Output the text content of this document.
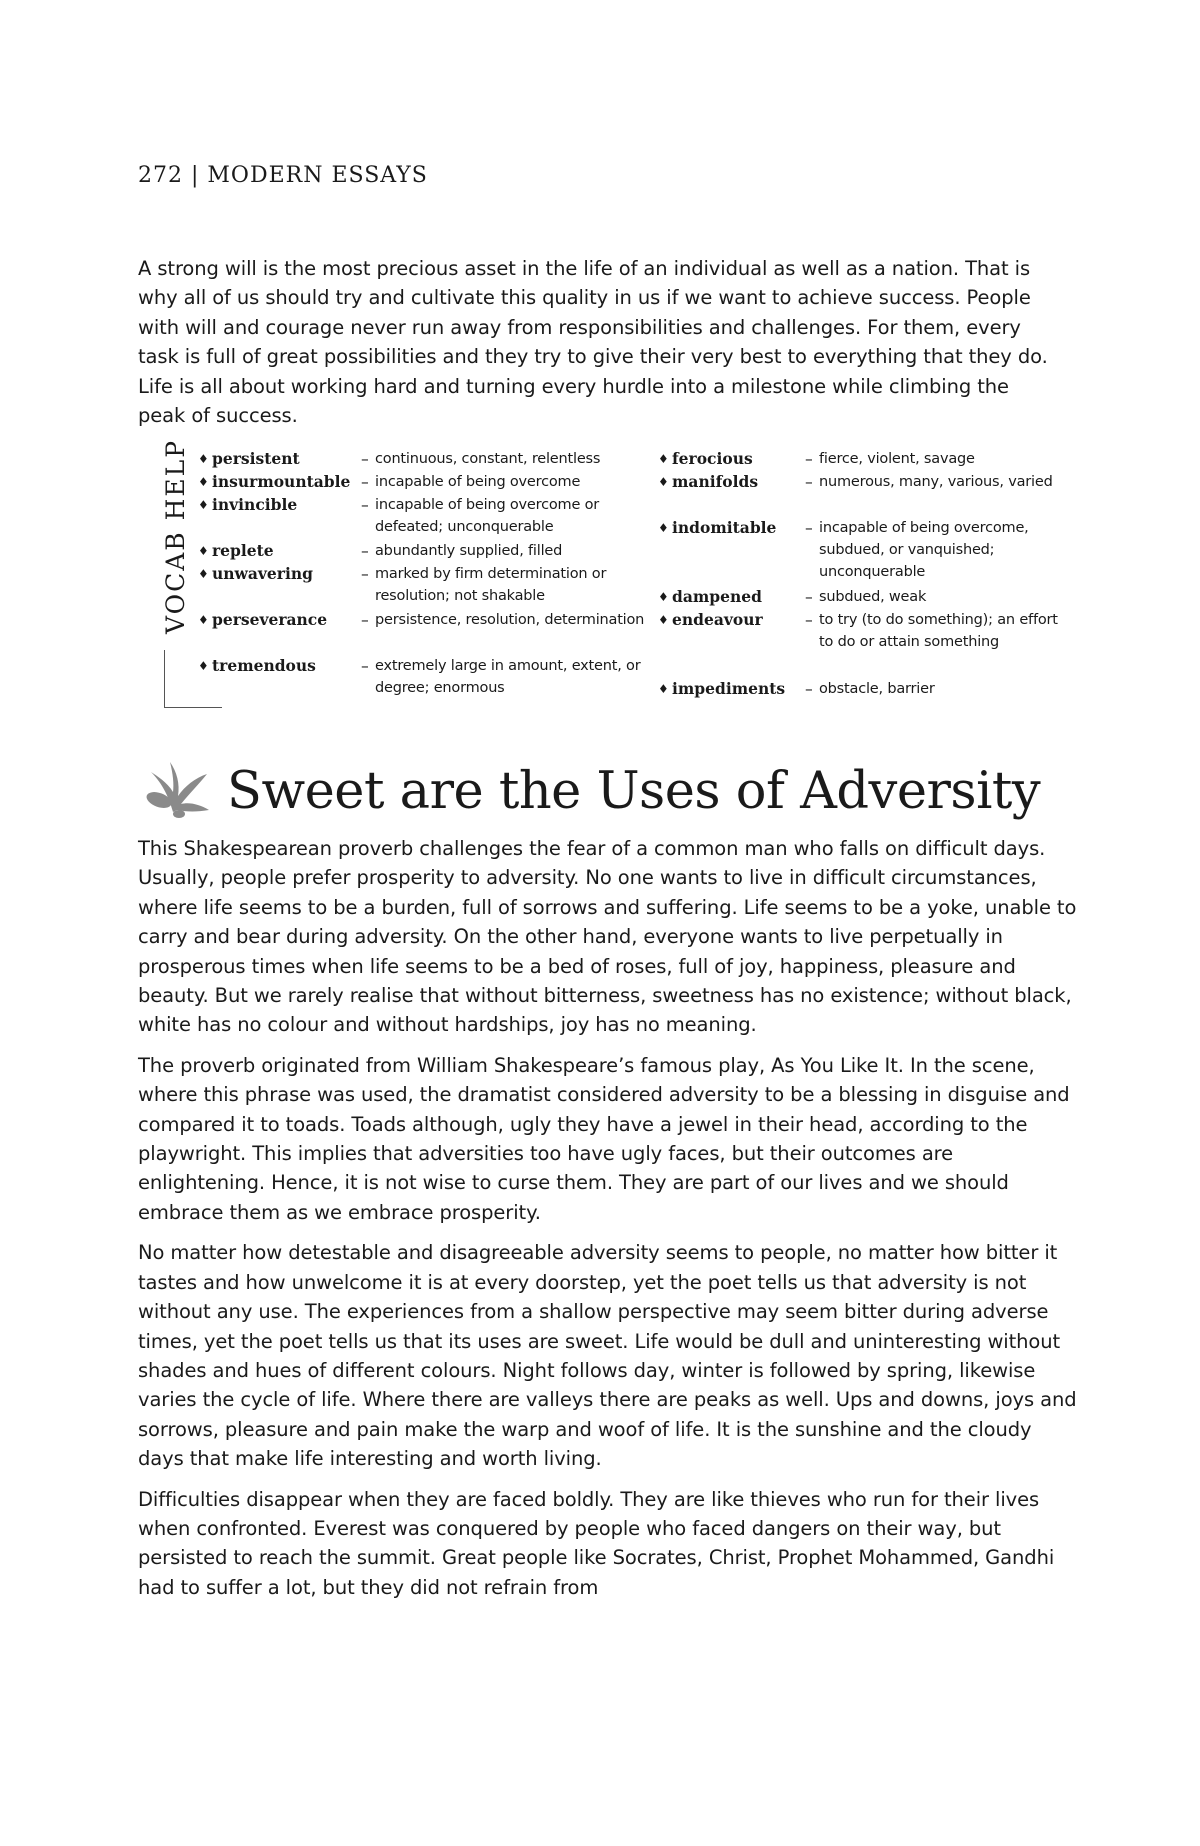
272 | MODERN ESSAYS

A strong will is the most precious asset in the life of an individual as well as a nation. That is why all of us should try and cultivate this quality in us if we want to achieve success. People with will and courage never run away from responsibilities and challenges. For them, every task is full of great possibilities and they try to give their very best to everything that they do. Life is all about working hard and turning every hurdle into a milestone while climbing the peak of success.

VOCAB HELP ♦ persistent	– continuous, constant, relentless
♦ insurmountable – incapable of being overcome
♦ invincible	– incapable of being overcome or defeated; unconquerable
♦ replete	– abundantly supplied, filled
♦ unwavering	– marked by firm determination or resolution; not shakable
♦ perseverance – persistence, resolution, determination
♦ tremendous	– extremely large in amount, extent, or degree; enormous
♦ ferocious	– fierce, violent, savage
♦ manifolds	– numerous, many, various, varied
♦ indomitable – incapable of being overcome, subdued, or vanquished; unconquerable
♦ dampened	– subdued, weak
♦ endeavour	– to try (to do something); an effort to do or attain something
♦ impediments – obstacle, barrier
Sweet are the Uses of Adversity

This Shakespearean proverb challenges the fear of a common man who falls on difficult days. Usually, people prefer prosperity to adversity. No one wants to live in difficult circumstances, where life seems to be a burden, full of sorrows and suffering. Life seems to be a yoke, unable to carry and bear during adversity. On the other hand, everyone wants to live perpetually in prosperous times when life seems to be a bed of roses, full of joy, happiness, pleasure and beauty. But we rarely realise that without bitterness, sweetness has no existence; without black, white has no colour and without hardships, joy has no meaning.

The proverb originated from William Shakespeare’s famous play, As You Like It. In the scene, where this phrase was used, the dramatist considered adversity to be a blessing in disguise and compared it to toads. Toads although, ugly they have a jewel in their head, according to the playwright. This implies that adversities too have ugly faces, but their outcomes are enlightening. Hence, it is not wise to curse them. They are part of our lives and we should embrace them as we embrace prosperity.

No matter how detestable and disagreeable adversity seems to people, no matter how bitter it tastes and how unwelcome it is at every doorstep, yet the poet tells us that adversity is not without any use. The experiences from a shallow perspective may seem bitter during adverse times, yet the poet tells us that its uses are sweet. Life would be dull and uninteresting without shades and hues of different colours. Night follows day, winter is followed by spring, likewise varies the cycle of life. Where there are valleys there are peaks as well. Ups and downs, joys and sorrows, pleasure and pain make the warp and woof of life. It is the sunshine and the cloudy days that make life interesting and worth living.

Difficulties disappear when they are faced boldly. They are like thieves who run for their lives when confronted. Everest was conquered by people who faced dangers on their way, but persisted to reach the summit. Great people like Socrates, Christ, Prophet Mohammed, Gandhi had to suffer a lot, but they did not refrain from
